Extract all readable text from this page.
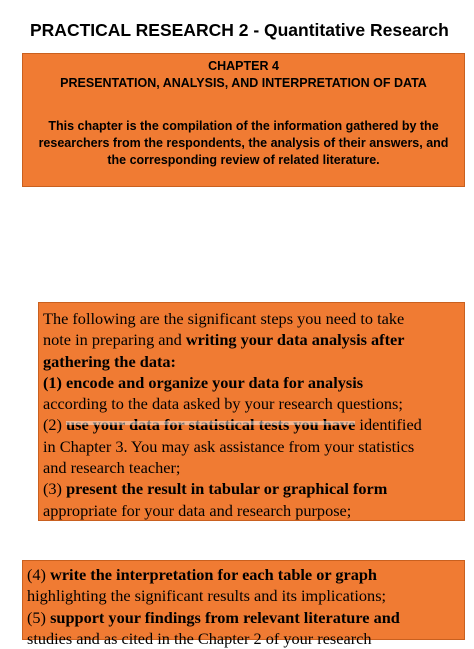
PRACTICAL RESEARCH 2 - Quantitative Research
CHAPTER 4
PRESENTATION, ANALYSIS, AND INTERPRETATION OF DATA
This chapter is the compilation of the information gathered by the researchers from the respondents, the analysis of their answers, and the corresponding review of related literature.
The following are the significant steps you need to take
note in preparing and writing your data analysis after
gathering the data:
(1) encode and organize your data for analysis
according to the data asked by your research questions;
(2) use your data for statistical tests you have identified
in Chapter 3. You may ask assistance from your statistics
and research teacher;
(3) present the result in tabular or graphical form
appropriate for your data and research purpose;
(4) write the interpretation for each table or graph
highlighting the significant results and its implications;
(5) support your findings from relevant literature and
studies and as cited in the Chapter 2 of your research
